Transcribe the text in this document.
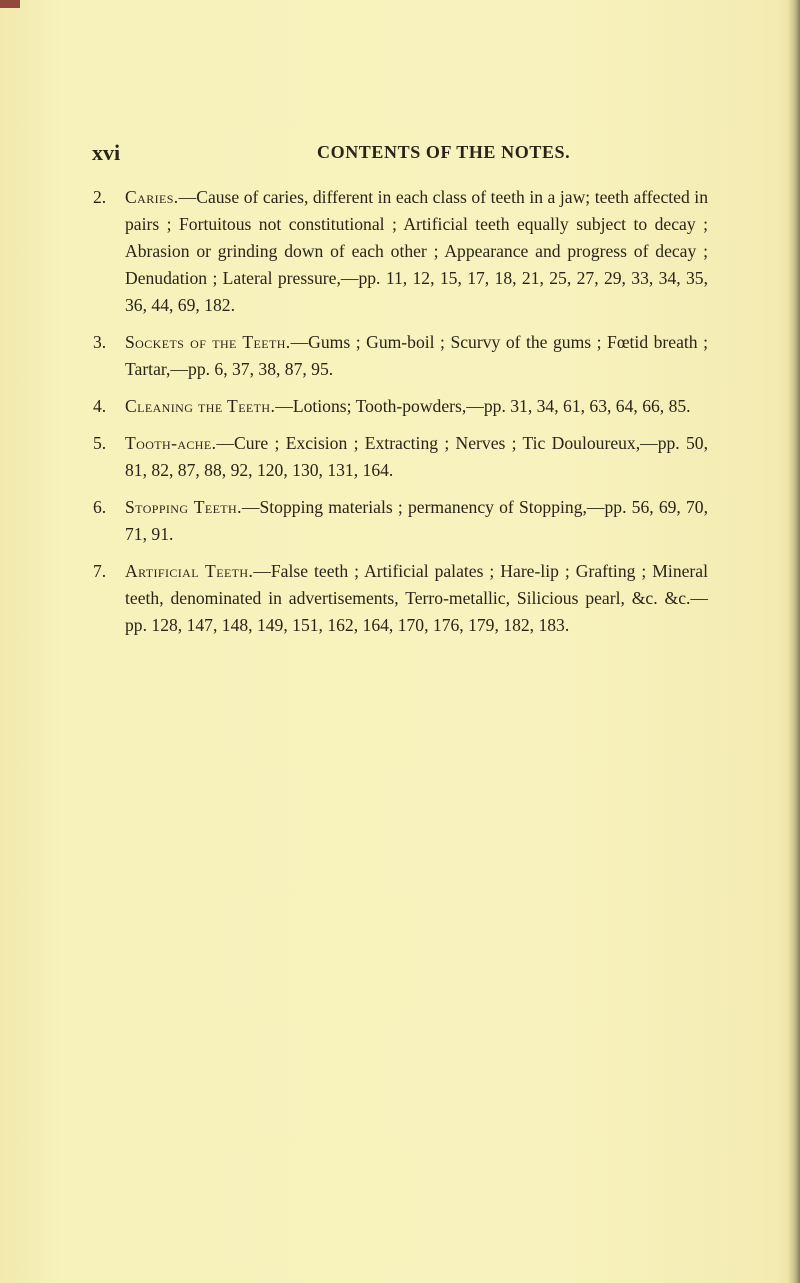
xvi	CONTENTS OF THE NOTES.
2. Caries.—Cause of caries, different in each class of teeth in a jaw; teeth affected in pairs ; Fortuitous not constitutional ; Artificial teeth equally subject to decay ; Abrasion or grinding down of each other ; Appearance and progress of decay ; Denudation ; Lateral pressure,—pp. 11, 12, 15, 17, 18, 21, 25, 27, 29, 33, 34, 35, 36, 44, 69, 182.
3. Sockets of the Teeth.—Gums ; Gum-boil ; Scurvy of the gums ; Fœtid breath ; Tartar,—pp. 6, 37, 38, 87, 95.
4. Cleaning the Teeth.—Lotions; Tooth-powders,—pp. 31, 34, 61, 63, 64, 66, 85.
5. Tooth-ache.—Cure ; Excision ; Extracting ; Nerves ; Tic Douloureux,—pp. 50, 81, 82, 87, 88, 92, 120, 130, 131, 164.
6. Stopping Teeth.—Stopping materials ; permanency of Stopping,—pp. 56, 69, 70, 71, 91.
7. Artificial Teeth.—False teeth ; Artificial palates ; Hare-lip ; Grafting ; Mineral teeth, denominated in advertisements, Terro-metallic, Silicious pearl, &c. &c.—pp. 128, 147, 148, 149, 151, 162, 164, 170, 176, 179, 182, 183.
